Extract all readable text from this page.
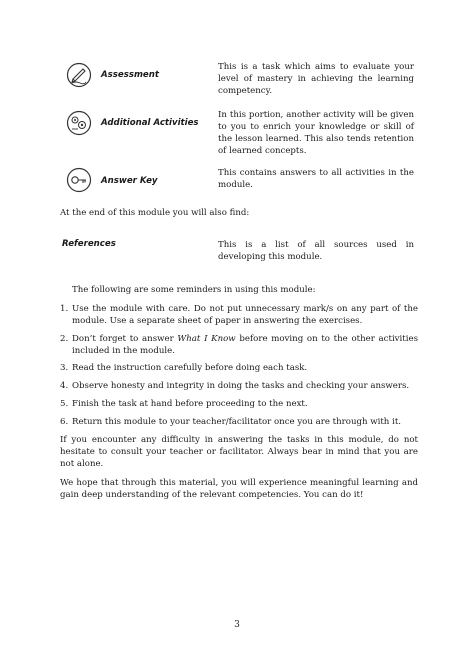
Assessment
This is a task which aims to evaluate your level of mastery in achieving the learning competency.
Additional Activities
In this portion, another activity will be given to you to enrich your knowledge or skill of the lesson learned. This also tends retention of learned concepts.
Answer Key
This contains answers to all activities in the module.
At the end of this module you will also find:
References	This is a list of all sources used in developing this module.
The following are some reminders in using this module:
1. Use the module with care. Do not put unnecessary mark/s on any part of the module. Use a separate sheet of paper in answering the exercises.
2. Don’t forget to answer What I Know before moving on to the other activities included in the module.
3. Read the instruction carefully before doing each task.
4. Observe honesty and integrity in doing the tasks and checking your answers.
5. Finish the task at hand before proceeding to the next.
6. Return this module to your teacher/facilitator once you are through with it.
If you encounter any difficulty in answering the tasks in this module, do not hesitate to consult your teacher or facilitator. Always bear in mind that you are not alone.
We hope that through this material, you will experience meaningful learning and gain deep understanding of the relevant competencies. You can do it!
3
